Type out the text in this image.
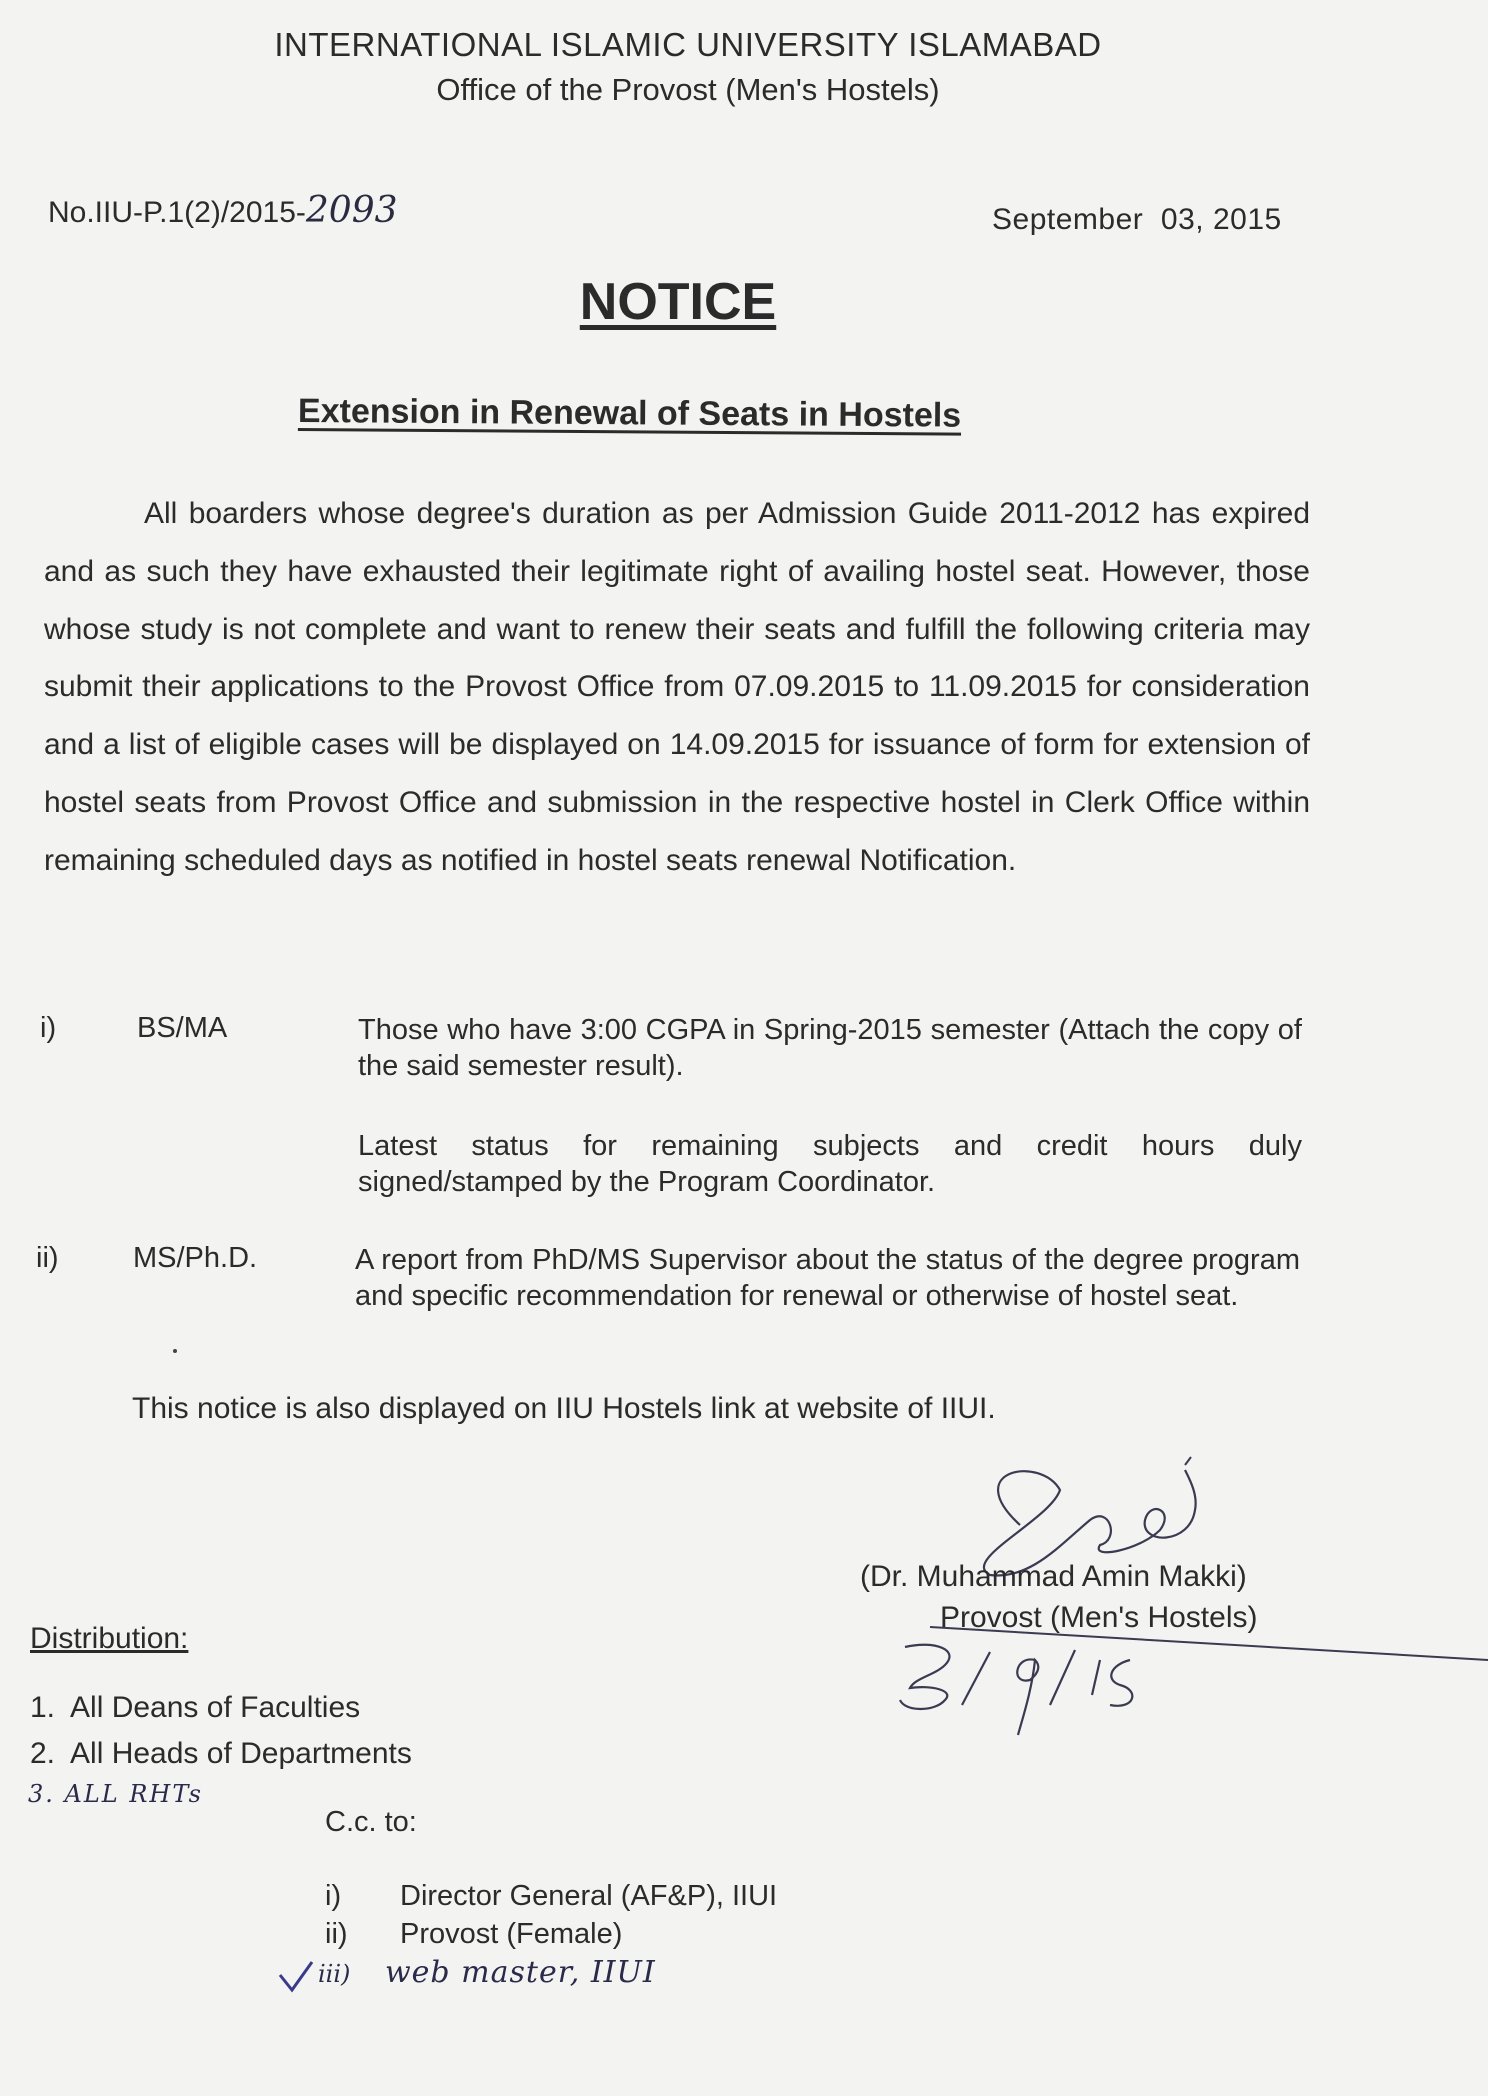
INTERNATIONAL ISLAMIC UNIVERSITY ISLAMABAD
Office of the Provost (Men's Hostels)
No.IIU-P.1(2)/2015-2093	September  03, 2015
NOTICE
Extension in Renewal of Seats in Hostels
All boarders whose degree's duration as per Admission Guide 2011-2012 has expired and as such they have exhausted their legitimate right of availing hostel seat. However, those whose study is not complete and want to renew their seats and fulfill the following criteria may submit their applications to the Provost Office from 07.09.2015 to 11.09.2015 for consideration and a list of eligible cases will be displayed on 14.09.2015 for issuance of form for extension of hostel seats from Provost Office and submission in the respective hostel in Clerk Office within remaining scheduled days as notified in hostel seats renewal Notification.
i)	BS/MA	Those who have 3:00 CGPA in Spring-2015 semester (Attach the copy of the said semester result).
Latest status for remaining subjects and credit hours duly signed/stamped by the Program Coordinator.
ii)	MS/Ph.D.	A report from PhD/MS Supervisor about the status of the degree program and specific recommendation for renewal or otherwise of hostel seat.
This notice is also displayed on IIU Hostels link at website of IIUI.
(Dr. Muhammad Amin Makki)
Provost (Men's Hostels)
Distribution:
1.  All Deans of Faculties
2.  All Heads of Departments
3. ALL RHTs
C.c. to:
i) Director General (AF&P), IIUI
ii) Provost (Female)
iii) web master, IIUI
